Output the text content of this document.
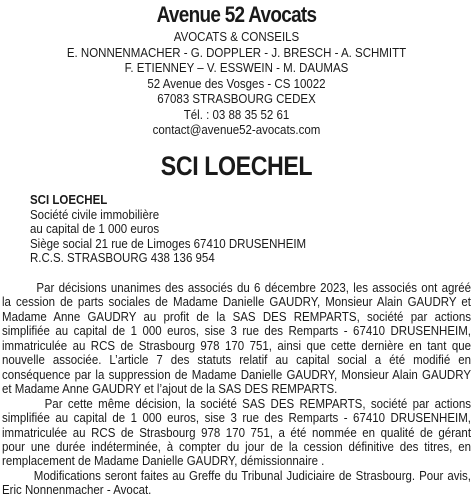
Avenue 52 Avocats
AVOCATS & CONSEILS
E. NONNENMACHER - G. DOPPLER - J. BRESCH - A. SCHMITT
F. ETIENNEY – V. ESSWEIN - M. DAUMAS
52 Avenue des Vosges - CS 10022
67083 STRASBOURG CEDEX
Tél. : 03 88 35 52 61
contact@avenue52-avocats.com
SCI LOECHEL
SCI LOECHEL
Société civile immobilière
au capital de 1 000 euros
Siège social 21 rue de Limoges 67410 DRUSENHEIM
R.C.S. STRASBOURG 438 136 954
Par décisions unanimes des associés du 6 décembre 2023, les associés ont agréé
la cession de parts sociales de Madame Danielle GAUDRY, Monsieur Alain GAUDRY et
Madame Anne GAUDRY au profit de la SAS DES REMPARTS, société par actions
simplifiée au capital de 1 000 euros, sise 3 rue des Remparts - 67410 DRUSENHEIM,
immatriculée au RCS de Strasbourg 978 170 751, ainsi que cette dernière en tant que
nouvelle associée. L’article 7 des statuts relatif au capital social a été modifié en
conséquence par la suppression de Madame Danielle GAUDRY, Monsieur Alain GAUDRY
et Madame Anne GAUDRY et l’ajout de la SAS DES REMPARTS.
Par cette même décision, la société SAS DES REMPARTS, société par actions
simplifiée au capital de 1 000 euros, sise 3 rue des Remparts - 67410 DRUSENHEIM,
immatriculée au RCS de Strasbourg 978 170 751, a été nommée en qualité de gérant
pour une durée indéterminée, à compter du jour de la cession définitive des titres, en
remplacement de Madame Danielle GAUDRY, démissionnaire .
Modifications seront faites au Greffe du Tribunal Judiciaire de Strasbourg. Pour avis,
Eric Nonnenmacher - Avocat.
